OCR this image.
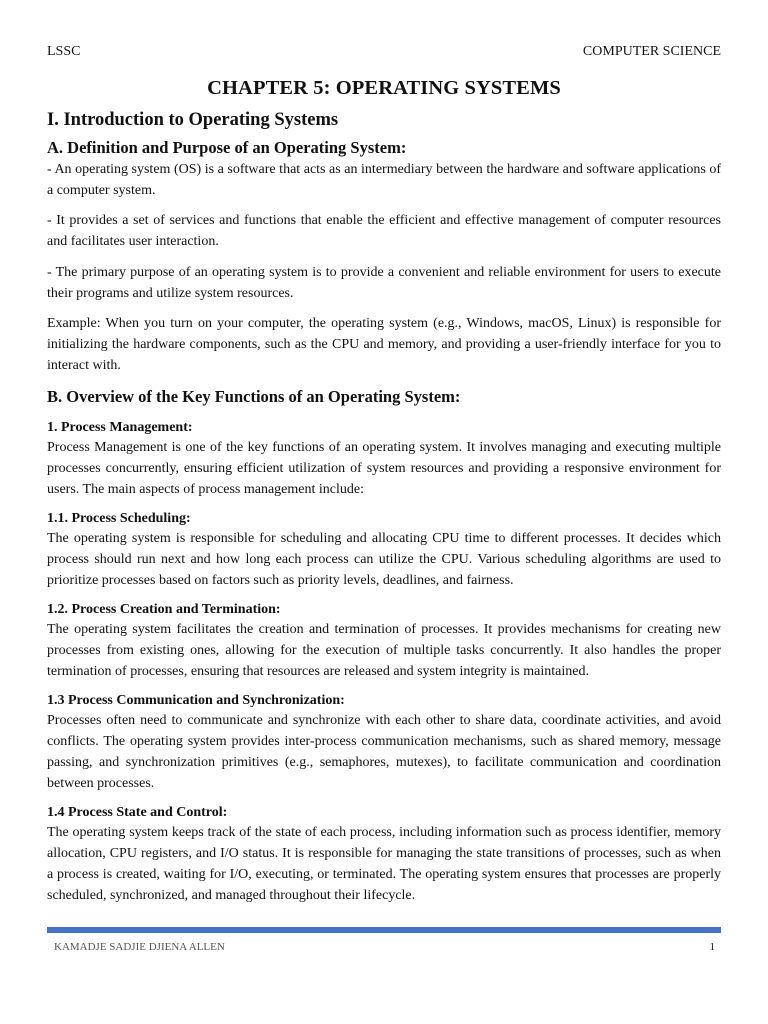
LSSC	COMPUTER SCIENCE
CHAPTER 5: OPERATING SYSTEMS
I. Introduction to Operating Systems
A. Definition and Purpose of an Operating System:

- An operating system (OS) is a software that acts as an intermediary between the hardware and software applications of a computer system.

- It provides a set of services and functions that enable the efficient and effective management of computer resources and facilitates user interaction.

- The primary purpose of an operating system is to provide a convenient and reliable environment for users to execute their programs and utilize system resources.

Example: When you turn on your computer, the operating system (e.g., Windows, macOS, Linux) is responsible for initializing the hardware components, such as the CPU and memory, and providing a user-friendly interface for you to interact with.

B. Overview of the Key Functions of an Operating System:
1. Process Management:

Process Management is one of the key functions of an operating system. It involves managing and executing multiple processes concurrently, ensuring efficient utilization of system resources and providing a responsive environment for users. The main aspects of process management include:

1.1. Process Scheduling:

The operating system is responsible for scheduling and allocating CPU time to different processes. It decides which process should run next and how long each process can utilize the CPU. Various scheduling algorithms are used to prioritize processes based on factors such as priority levels, deadlines, and fairness.

1.2. Process Creation and Termination:

The operating system facilitates the creation and termination of processes. It provides mechanisms for creating new processes from existing ones, allowing for the execution of multiple tasks concurrently. It also handles the proper termination of processes, ensuring that resources are released and system integrity is maintained.

1.3 Process Communication and Synchronization:

Processes often need to communicate and synchronize with each other to share data, coordinate activities, and avoid conflicts. The operating system provides inter-process communication mechanisms, such as shared memory, message passing, and synchronization primitives (e.g., semaphores, mutexes), to facilitate communication and coordination between processes.

1.4 Process State and Control:

The operating system keeps track of the state of each process, including information such as process identifier, memory allocation, CPU registers, and I/O status. It is responsible for managing the state transitions of processes, such as when a process is created, waiting for I/O, executing, or terminated. The operating system ensures that processes are properly scheduled, synchronized, and managed throughout their lifecycle.

KAMADJE SADJIE DJIENA ALLEN	1
